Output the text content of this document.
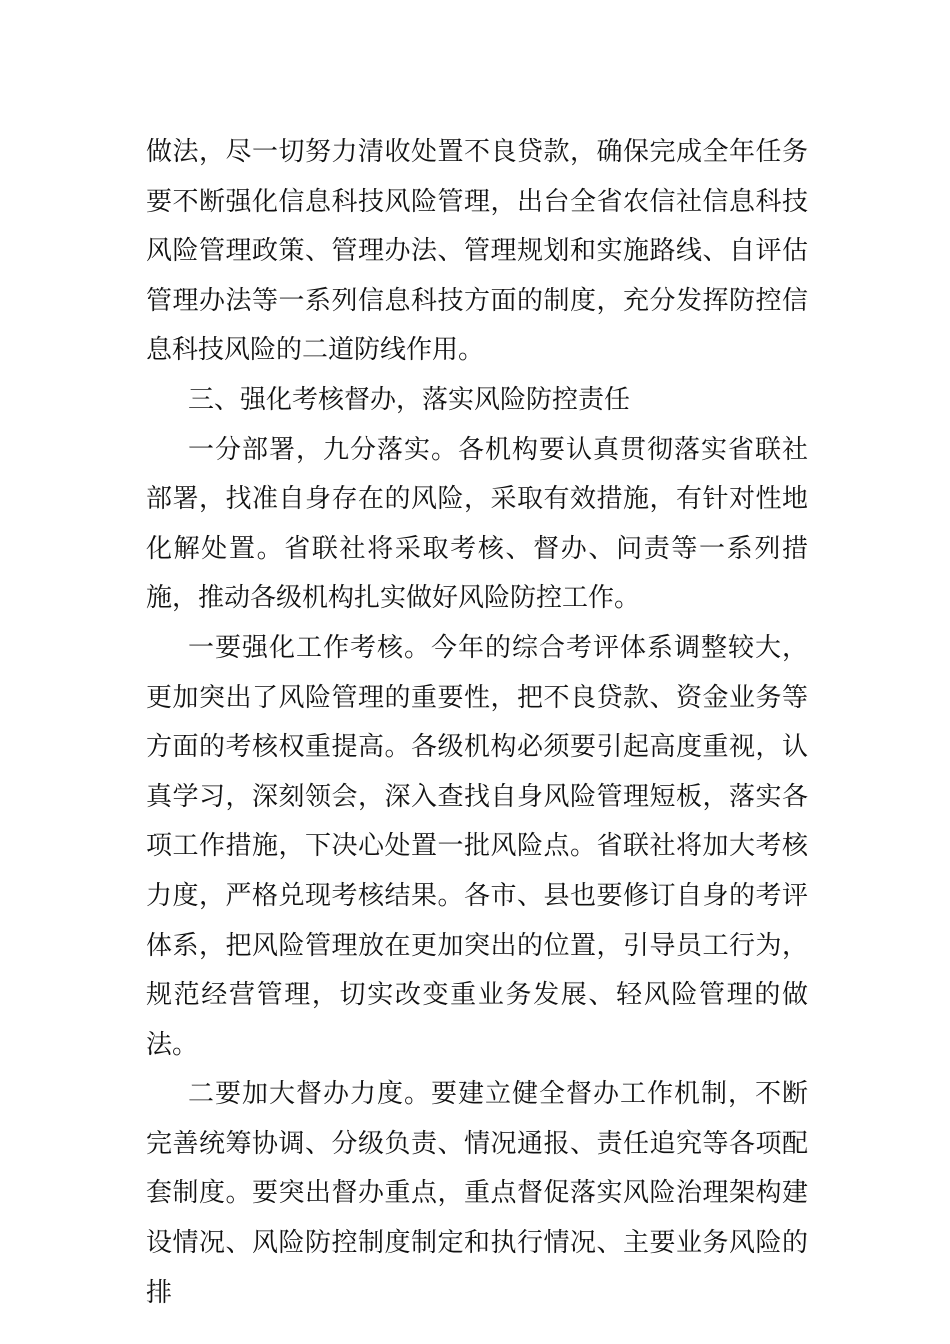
做法，尽一切努力清收处置不良贷款，确保完成全年任务要不断强化信息科技风险管理，出台全省农信社信息科技风险管理政策、管理办法、管理规划和实施路线、自评估管理办法等一系列信息科技方面的制度，充分发挥防控信息科技风险的二道防线作用。

三、强化考核督办，落实风险防控责任

一分部署，九分落实。各机构要认真贯彻落实省联社部署，找准自身存在的风险，采取有效措施，有针对性地化解处置。省联社将采取考核、督办、问责等一系列措施，推动各级机构扎实做好风险防控工作。

一要强化工作考核。今年的综合考评体系调整较大，更加突出了风险管理的重要性，把不良贷款、资金业务等方面的考核权重提高。各级机构必须要引起高度重视，认真学习，深刻领会，深入查找自身风险管理短板，落实各项工作措施，下决心处置一批风险点。省联社将加大考核力度，严格兑现考核结果。各市、县也要修订自身的考评体系，把风险管理放在更加突出的位置，引导员工行为，规范经营管理，切实改变重业务发展、轻风险管理的做法。

二要加大督办力度。要建立健全督办工作机制，不断完善统筹协调、分级负责、情况通报、责任追究等各项配套制度。要突出督办重点，重点督促落实风险治理架构建设情况、风险防控制度制定和执行情况、主要业务风险的排
